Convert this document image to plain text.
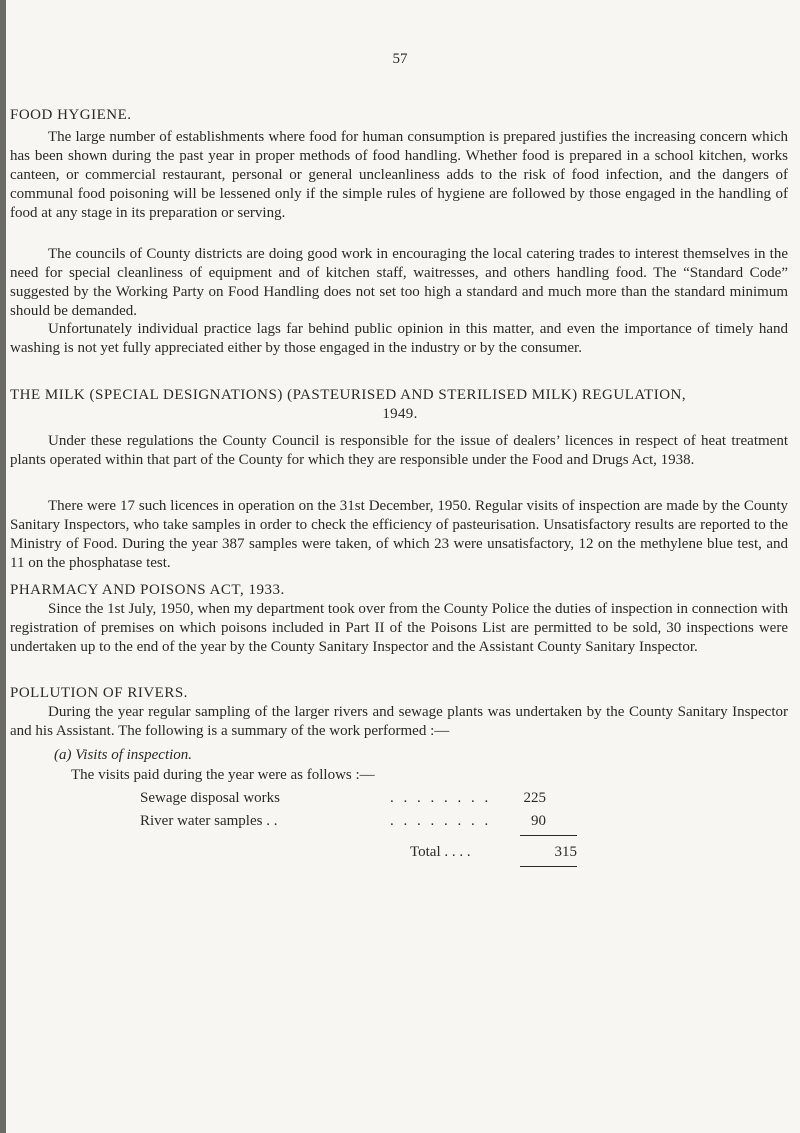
57
FOOD HYGIENE.
The large number of establishments where food for human consumption is prepared justifies the increasing concern which has been shown during the past year in proper methods of food handling. Whether food is prepared in a school kitchen, works canteen, or commercial restaurant, personal or general uncleanliness adds to the risk of food infection, and the dangers of communal food poisoning will be lessened only if the simple rules of hygiene are followed by those engaged in the handling of food at any stage in its preparation or serving.
The councils of County districts are doing good work in encouraging the local catering trades to interest themselves in the need for special cleanliness of equipment and of kitchen staff, waitresses, and others handling food. The “Standard Code” suggested by the Working Party on Food Handling does not set too high a standard and much more than the standard minimum should be demanded.
Unfortunately individual practice lags far behind public opinion in this matter, and even the importance of timely hand washing is not yet fully appreciated either by those engaged in the industry or by the consumer.
THE MILK (SPECIAL DESIGNATIONS) (PASTEURISED AND STERILISED MILK) REGULATION,
1949.
Under these regulations the County Council is responsible for the issue of dealers’ licences in respect of heat treatment plants operated within that part of the County for which they are responsible under the Food and Drugs Act, 1938.
There were 17 such licences in operation on the 31st December, 1950. Regular visits of inspection are made by the County Sanitary Inspectors, who take samples in order to check the efficiency of pasteurisation. Unsatisfactory results are reported to the Ministry of Food. During the year 387 samples were taken, of which 23 were unsatisfactory, 12 on the methylene blue test, and 11 on the phosphatase test.
PHARMACY AND POISONS ACT, 1933.
Since the 1st July, 1950, when my department took over from the County Police the duties of inspection in connection with registration of premises on which poisons included in Part II of the Poisons List are permitted to be sold, 30 inspections were undertaken up to the end of the year by the County Sanitary Inspector and the Assistant County Sanitary Inspector.
POLLUTION OF RIVERS.
During the year regular sampling of the larger rivers and sewage plants was undertaken by the County Sanitary Inspector and his Assistant. The following is a summary of the work performed :—
(a) Visits of inspection.
The visits paid during the year were as follows :—
Sewage disposal works	. . . . . . . .	225
River water samples . .	. . . . . . . .	90
Total . . . .	315
